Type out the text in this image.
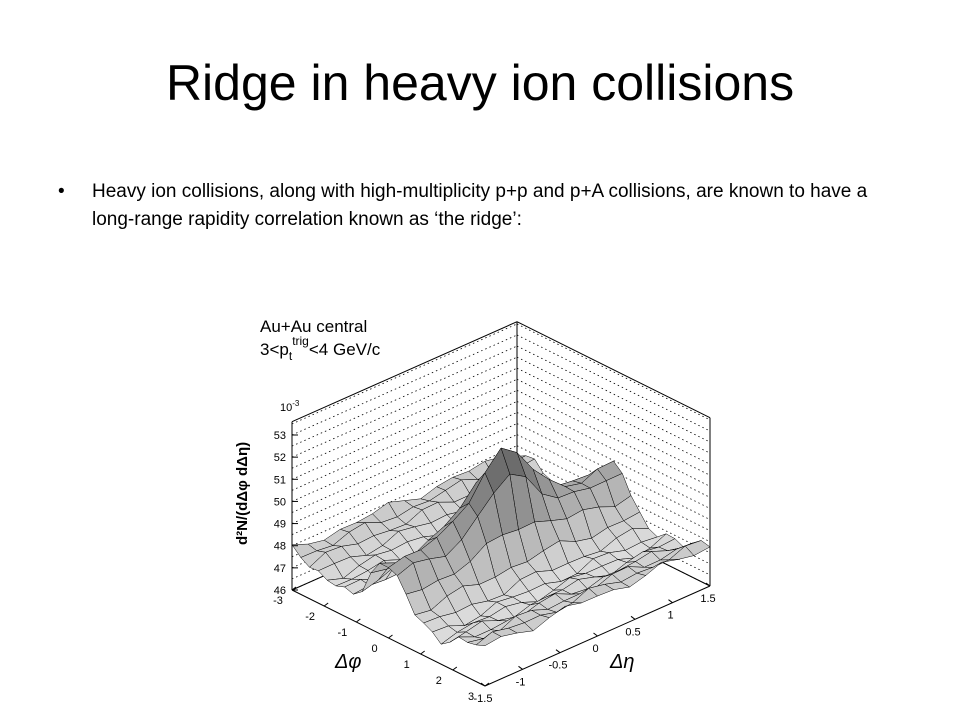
Ridge in heavy ion collisions
• Heavy ion collisions, along with high-multiplicity p+p and p+A collisions, are known to have a long-range rapidity correlation known as ‘the ridge’:
Au+Au central
$3<p_t^{trig}<4$ GeV/c
$10^{-3}$
d²N/(dΔφ dΔη)
Δφ	Δη
46
47
48
49
50
51
52
53
-3
-2
-1
0
1
2
3 -1.5
-1
-0.5
0
0.5
1
1.5
